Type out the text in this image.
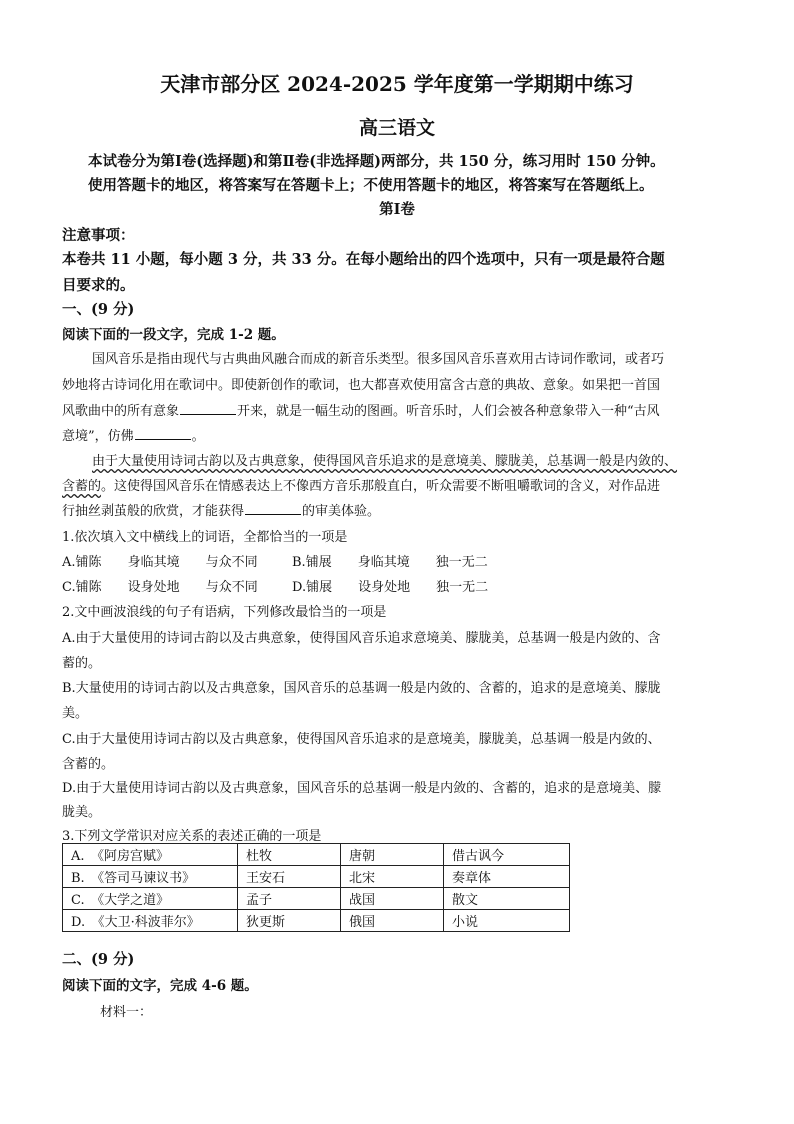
天津市部分区 2024-2025 学年度第一学期期中练习
高三语文
本试卷分为第Ⅰ卷(选择题)和第Ⅱ卷(非选择题)两部分，共 150 分，练习用时 150 分钟。
使用答题卡的地区，将答案写在答题卡上；不使用答题卡的地区，将答案写在答题纸上。
第Ⅰ卷
注意事项：
本卷共 11 小题，每小题 3 分，共 33 分。在每小题给出的四个选项中，只有一项是最符合题
目要求的。
一、(9 分)
阅读下面的一段文字，完成 1-2 题。
国风音乐是指由现代与古典曲风融合而成的新音乐类型。很多国风音乐喜欢用古诗词作歌词，或者巧
妙地将古诗词化用在歌词中。即使新创作的歌词，也大都喜欢使用富含古意的典故、意象。如果把一首国
风歌曲中的所有意象	开来，就是一幅生动的图画。听音乐时，人们会被各种意象带入一种“古风
意境”，仿佛	。
由于大量使用诗词古韵以及古典意象，使得国风音乐追求的是意境美、朦胧美，总基调一般是内敛的、
含蓄的。这使得国风音乐在情感表达上不像西方音乐那般直白，听众需要不断咀嚼歌词的含义，对作品进
行抽丝剥茧般的欣赏，才能获得	的审美体验。
1.依次填入文中横线上的词语，全都恰当的一项是
A.铺陈　　 身临其境　　 与众不同	B.铺展　　 身临其境　　 独一无二
C.铺陈　　 设身处地　　 与众不同	D.铺展　　 设身处地　　 独一无二
2.文中画波浪线的句子有语病，下列修改最恰当的一项是
A.由于大量使用的诗词古韵以及古典意象，使得国风音乐追求意境美、朦胧美，总基调一般是内敛的、含
蓄的。
B.大量使用的诗词古韵以及古典意象，国风音乐的总基调一般是内敛的、含蓄的，追求的是意境美、朦胧
美。
C.由于大量使用诗词古韵以及古典意象，使得国风音乐追求的是意境美，朦胧美，总基调一般是内敛的、
含蓄的。
D.由于大量使用诗词古韵以及古典意象，国风音乐的总基调一般是内敛的、含蓄的，追求的是意境美、朦
胧美。
3.下列文学常识对应关系的表述正确的一项是
A.　《阿房宫赋》	杜牧	唐朝	借古讽今
B.　《答司马谏议书》	王安石	北宋	奏章体
C.　《大学之道》	孟子	战国	散文
D.　《大卫·科波菲尔》	狄更斯	俄国	小说
二、(9 分)
阅读下面的文字，完成 4-6 题。
材料一：
